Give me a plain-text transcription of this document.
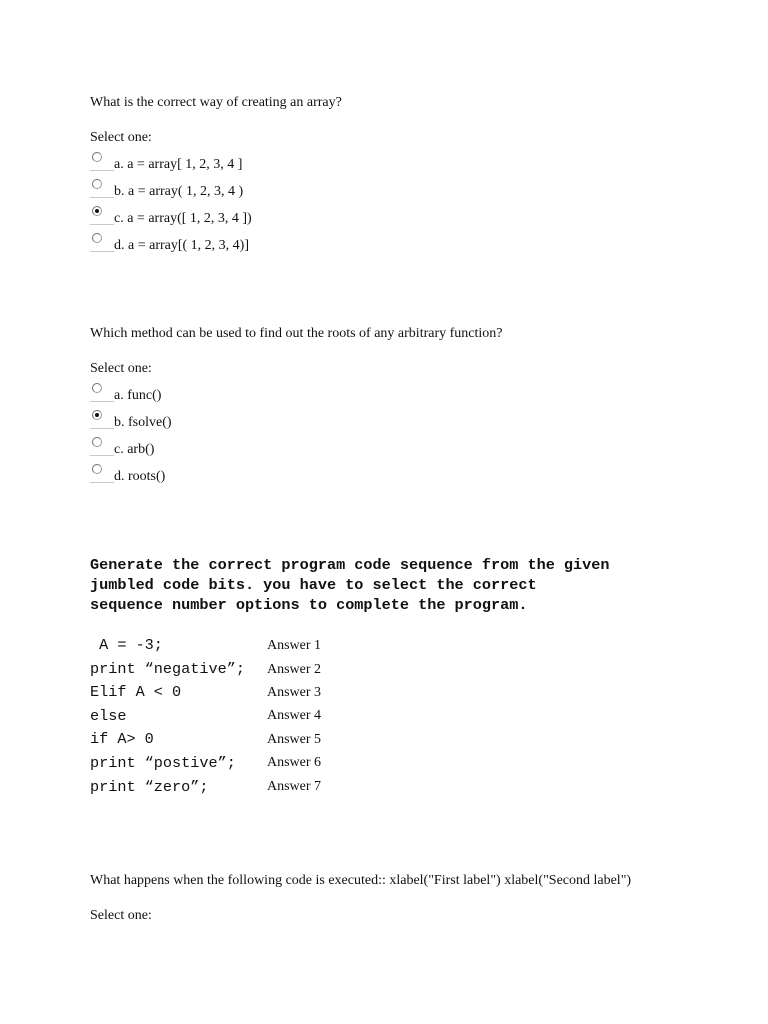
What is the correct way of creating an array?
Select one:
a. a = array[ 1, 2, 3, 4 ]
b. a = array( 1, 2, 3, 4 )
c. a = array([ 1, 2, 3, 4 ])
d. a = array[( 1, 2, 3, 4)]
Which method can be used to find out the roots of any arbitrary function?
Select one:
a. func()
b. fsolve()
c. arb()
d. roots()
Generate the correct program code sequence from the given
jumbled code bits. you have to select the correct
sequence number options to complete the program.
A = -3;	Answer 1
print “negative”; Answer 2
Elif A < 0	Answer 3
else	Answer 4
if A> 0	Answer 5
print “postive”; Answer 6
print “zero”;	Answer 7
What happens when the following code is executed:: xlabel("First label") xlabel("Second label")
Select one:
